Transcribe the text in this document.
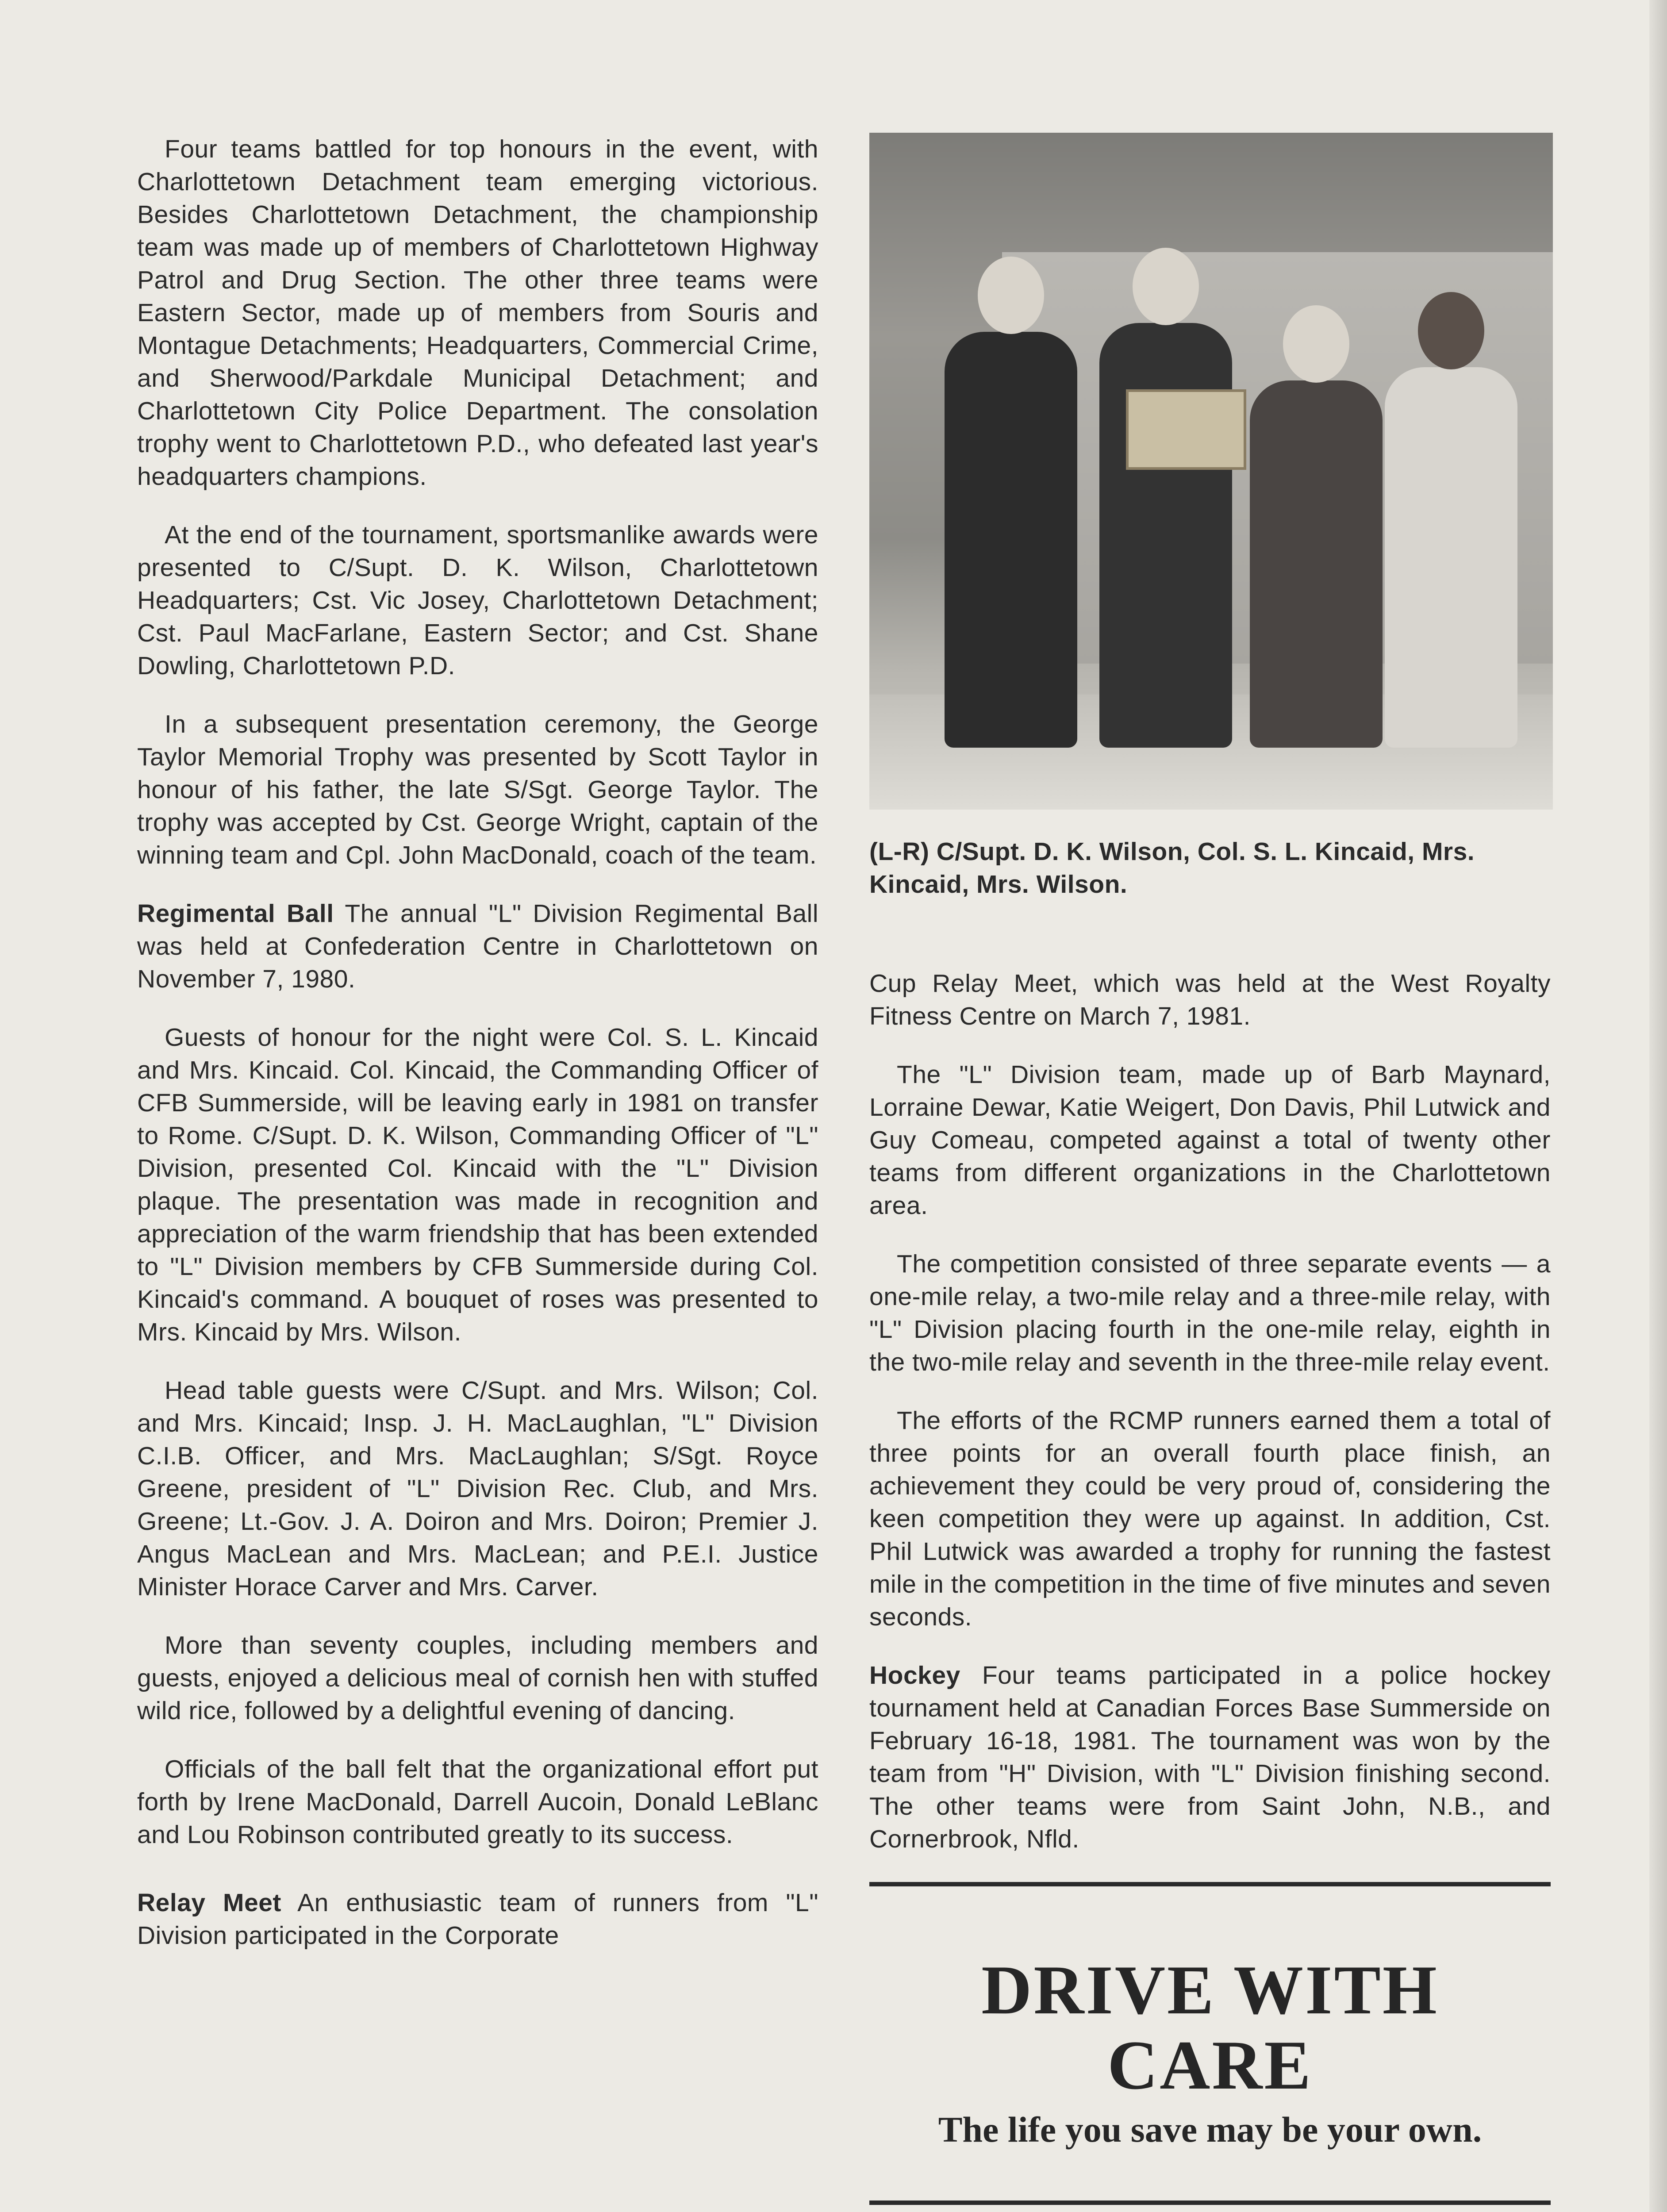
Four teams battled for top honours in the event, with Charlottetown Detachment team emerging victorious. Besides Charlottetown Detachment, the championship team was made up of members of Charlottetown Highway Patrol and Drug Section. The other three teams were Eastern Sector, made up of members from Souris and Montague Detachments; Headquarters, Commercial Crime, and Sherwood/Parkdale Municipal Detachment; and Charlottetown City Police Department. The consolation trophy went to Charlottetown P.D., who defeated last year's headquarters champions.

At the end of the tournament, sportsmanlike awards were presented to C/Supt. D. K. Wilson, Charlottetown Headquarters; Cst. Vic Josey, Charlottetown Detachment; Cst. Paul MacFarlane, Eastern Sector; and Cst. Shane Dowling, Charlottetown P.D.

In a subsequent presentation ceremony, the George Taylor Memorial Trophy was presented by Scott Taylor in honour of his father, the late S/Sgt. George Taylor. The trophy was accepted by Cst. George Wright, captain of the winning team and Cpl. John MacDonald, coach of the team.

Regimental Ball The annual "L" Division Regimental Ball was held at Confederation Centre in Charlottetown on November 7, 1980.

Guests of honour for the night were Col. S. L. Kincaid and Mrs. Kincaid. Col. Kincaid, the Commanding Officer of CFB Summerside, will be leaving early in 1981 on transfer to Rome. C/Supt. D. K. Wilson, Commanding Officer of "L" Division, presented Col. Kincaid with the "L" Division plaque. The presentation was made in recognition and appreciation of the warm friendship that has been extended to "L" Division members by CFB Summerside during Col. Kincaid's command. A bouquet of roses was presented to Mrs. Kincaid by Mrs. Wilson.

Head table guests were C/Supt. and Mrs. Wilson; Col. and Mrs. Kincaid; Insp. J. H. MacLaughlan, "L" Division C.I.B. Officer, and Mrs. MacLaughlan; S/Sgt. Royce Greene, president of "L" Division Rec. Club, and Mrs. Greene; Lt.-Gov. J. A. Doiron and Mrs. Doiron; Premier J. Angus MacLean and Mrs. MacLean; and P.E.I. Justice Minister Horace Carver and Mrs. Carver.

More than seventy couples, including members and guests, enjoyed a delicious meal of cornish hen with stuffed wild rice, followed by a delightful evening of dancing.

Officials of the ball felt that the organizational effort put forth by Irene MacDonald, Darrell Aucoin, Donald LeBlanc and Lou Robinson contributed greatly to its success.

Relay Meet An enthusiastic team of runners from "L" Division participated in the Corporate

(L-R) C/Supt. D. K. Wilson, Col. S. L. Kincaid, Mrs. Kincaid, Mrs. Wilson.

Cup Relay Meet, which was held at the West Royalty Fitness Centre on March 7, 1981.

The "L" Division team, made up of Barb Maynard, Lorraine Dewar, Katie Weigert, Don Davis, Phil Lutwick and Guy Comeau, competed against a total of twenty other teams from different organizations in the Charlottetown area.

The competition consisted of three separate events — a one-mile relay, a two-mile relay and a three-mile relay, with "L" Division placing fourth in the one-mile relay, eighth in the two-mile relay and seventh in the three-mile relay event.

The efforts of the RCMP runners earned them a total of three points for an overall fourth place finish, an achievement they could be very proud of, considering the keen competition they were up against. In addition, Cst. Phil Lutwick was awarded a trophy for running the fastest mile in the competition in the time of five minutes and seven seconds.

Hockey Four teams participated in a police hockey tournament held at Canadian Forces Base Summerside on February 16-18, 1981. The tournament was won by the team from "H" Division, with "L" Division finishing second. The other teams were from Saint John, N.B., and Cornerbrook, Nfld.

DRIVE WITH CARE
The life you save may be your own.
